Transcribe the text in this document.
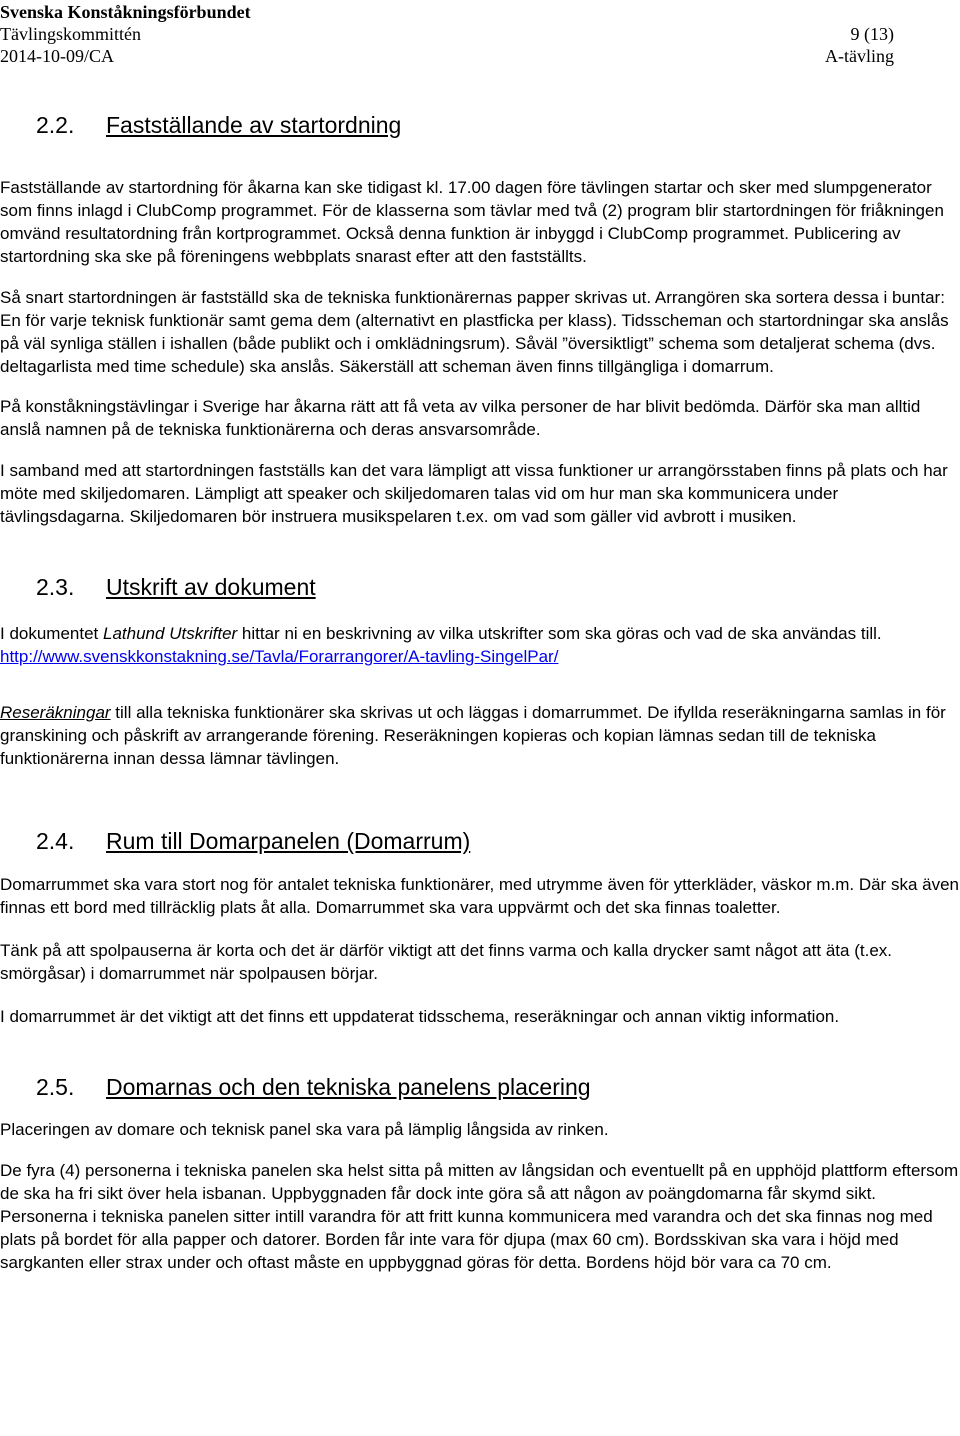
Svenska Konståkningsförbundet
Tävlingskommittén
2014-10-09/CA
9 (13)
A-tävling
2.2.	Fastställande av startordning

Fastställande av startordning för åkarna kan ske tidigast kl. 17.00 dagen före tävlingen startar och sker med slumpgenerator som finns inlagd i ClubComp programmet. För de klasserna som tävlar med två (2) program blir startordningen för friåkningen omvänd resultatordning från kortprogrammet. Också denna funktion är inbyggd i ClubComp programmet. Publicering av startordning ska ske på föreningens webbplats snarast efter att den fastställts.

Så snart startordningen är fastställd ska de tekniska funktionärernas papper skrivas ut. Arrangören ska sortera dessa i buntar: En för varje teknisk funktionär samt gema dem (alternativt en plastficka per klass). Tidsscheman och startordningar ska anslås på väl synliga ställen i ishallen (både publikt och i omklädningsrum). Såväl ”översiktligt” schema som detaljerat schema (dvs. deltagarlista med time schedule) ska anslås. Säkerställ att scheman även finns tillgängliga i domarrum.

På konståkningstävlingar i Sverige har åkarna rätt att få veta av vilka personer de har blivit bedömda. Därför ska man alltid anslå namnen på de tekniska funktionärerna och deras ansvarsområde.

I samband med att startordningen fastställs kan det vara lämpligt att vissa funktioner ur arrangörsstaben finns på plats och har möte med skiljedomaren. Lämpligt att speaker och skiljedomaren talas vid om hur man ska kommunicera under tävlingsdagarna. Skiljedomaren bör instruera musikspelaren t.ex. om vad som gäller vid avbrott i musiken.

2.3.	Utskrift av dokument

I dokumentet Lathund Utskrifter hittar ni en beskrivning av vilka utskrifter som ska göras och vad de ska användas till. http://www.svenskkonstakning.se/Tavla/Forarrangorer/A-tavling-SingelPar/

Reseräkningar till alla tekniska funktionärer ska skrivas ut och läggas i domarrummet. De ifyllda reseräkningarna samlas in för granskining och påskrift av arrangerande förening. Reseräkningen kopieras och kopian lämnas sedan till de tekniska funktionärerna innan dessa lämnar tävlingen.

2.4.	Rum till Domarpanelen (Domarrum)

Domarrummet ska vara stort nog för antalet tekniska funktionärer, med utrymme även för ytterkläder, väskor m.m. Där ska även finnas ett bord med tillräcklig plats åt alla. Domarrummet ska vara uppvärmt och det ska finnas toaletter.

Tänk på att spolpauserna är korta och det är därför viktigt att det finns varma och kalla drycker samt något att äta (t.ex. smörgåsar) i domarrummet när spolpausen börjar.

I domarrummet är det viktigt att det finns ett uppdaterat tidsschema, reseräkningar och annan viktig information.

2.5.	Domarnas och den tekniska panelens placering

Placeringen av domare och teknisk panel ska vara på lämplig långsida av rinken.

De fyra (4) personerna i tekniska panelen ska helst sitta på mitten av långsidan och eventuellt på en upphöjd plattform eftersom de ska ha fri sikt över hela isbanan. Uppbyggnaden får dock inte göra så att någon av poängdomarna får skymd sikt. Personerna i tekniska panelen sitter intill varandra för att fritt kunna kommunicera med varandra och det ska finnas nog med plats på bordet för alla papper och datorer. Borden får inte vara för djupa (max 60 cm). Bordsskivan ska vara i höjd med sargkanten eller strax under och oftast måste en uppbyggnad göras för detta. Bordens höjd bör vara ca 70 cm.
